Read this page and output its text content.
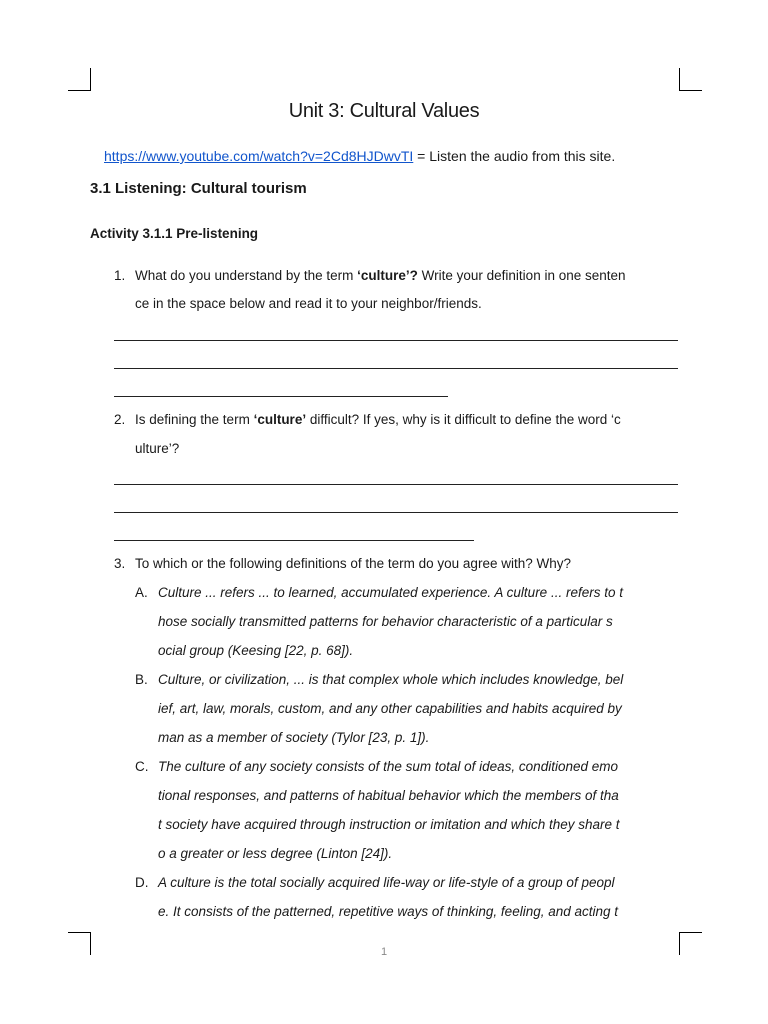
Unit 3: Cultural Values
https://www.youtube.com/watch?v=2Cd8HJDwvTI = Listen the audio from this site.
3.1 Listening: Cultural tourism
Activity 3.1.1 Pre-listening
1. What do you understand by the term ‘culture’? Write your definition in one senten
ce in the space below and read it to your neighbor/friends.
2. Is defining the term ‘culture’ difficult? If yes, why is it difficult to define the word ‘c
ulture’?
3. To which or the following definitions of the term do you agree with? Why?
A. Culture ... refers ... to learned, accumulated experience. A culture ... refers to t
hose socially transmitted patterns for behavior characteristic of a particular s
ocial group (Keesing [22, p. 68]).
B. Culture, or civilization, ... is that complex whole which includes knowledge, bel
ief, art, law, morals, custom, and any other capabilities and habits acquired by
man as a member of society (Tylor [23, p. 1]).
C. The culture of any society consists of the sum total of ideas, conditioned emo
tional responses, and patterns of habitual behavior which the members of tha
t society have acquired through instruction or imitation and which they share t
o a greater or less degree (Linton [24]).
D. A culture is the total socially acquired life-way or life-style of a group of peopl
e. It consists of the patterned, repetitive ways of thinking, feeling, and acting t
1
